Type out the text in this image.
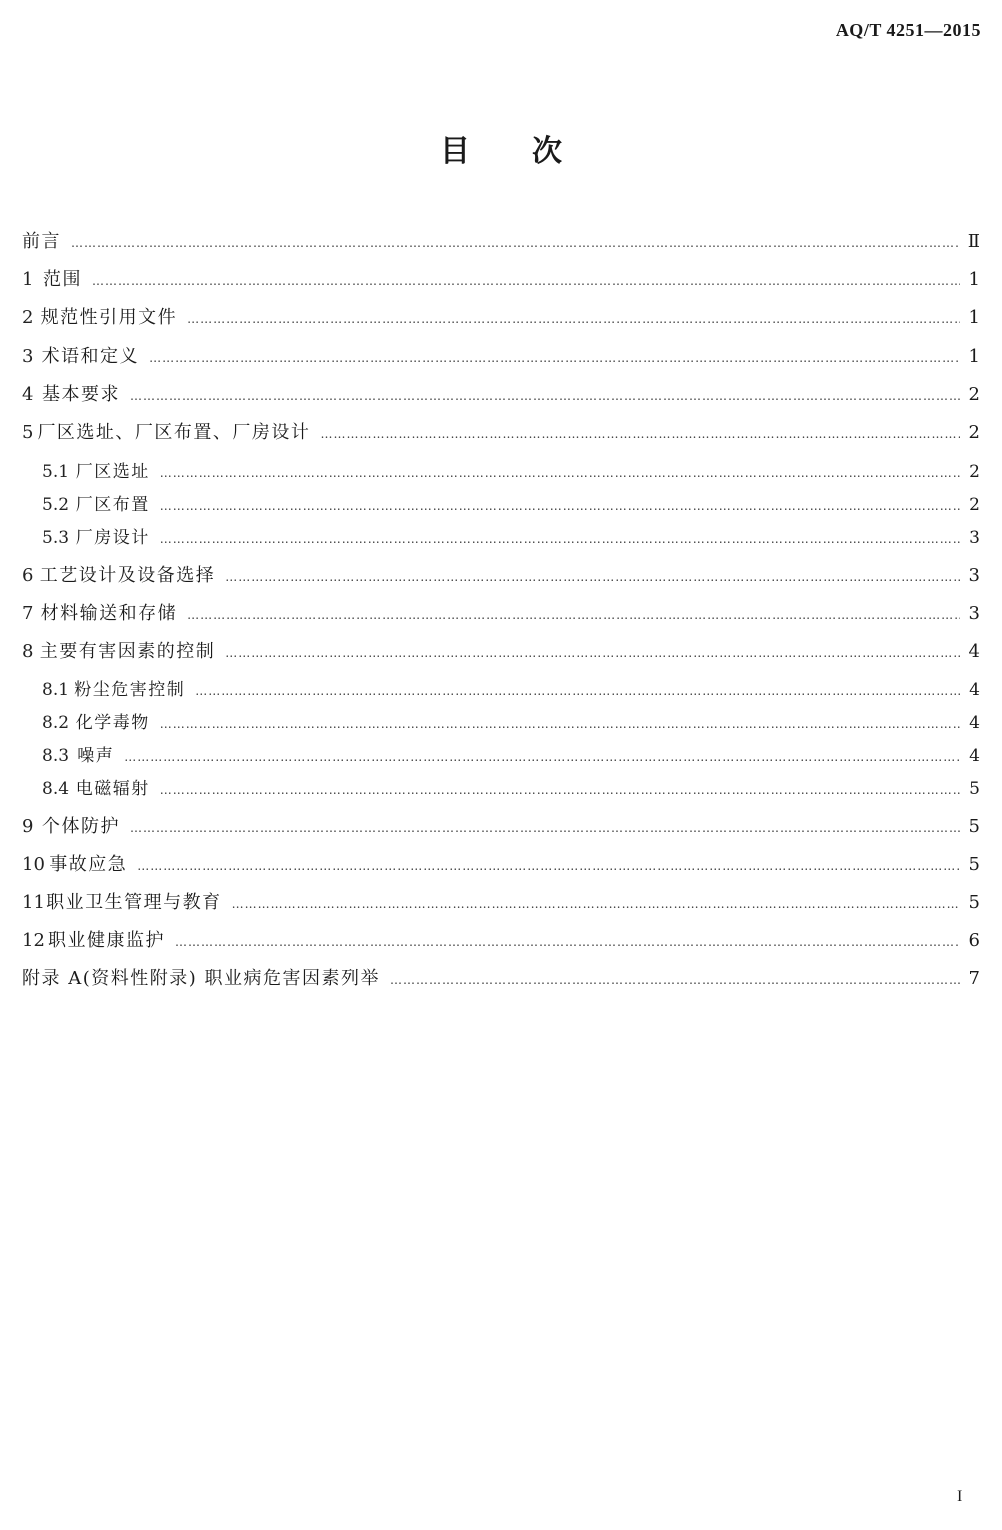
AQ/T 4251—2015
目 次
前言 ………………………………………………………………………………………………………………………………………………………………………………………………………………………………………………………………………………	Ⅱ
1 范围 ………………………………………………………………………………………………………………………………………………………………………………………………………………………………………………………………………………	1
2 规范性引用文件 ………………………………………………………………………………………………………………………………………………………………………………………………………………………………………………………………………………	1
3 术语和定义 ………………………………………………………………………………………………………………………………………………………………………………………………………………………………………………………………………………	1
4 基本要求 ………………………………………………………………………………………………………………………………………………………………………………………………………………………………………………………………………………	2
5 厂区选址、厂区布置、厂房设计 ………………………………………………………………………………………………………………………………………………………………………………………………………………………………………………………………………………	2
5.1 厂区选址 ………………………………………………………………………………………………………………………………………………………………………………………………………………………………………………………………………………	2
5.2 厂区布置 ………………………………………………………………………………………………………………………………………………………………………………………………………………………………………………………………………………	2
5.3 厂房设计 ………………………………………………………………………………………………………………………………………………………………………………………………………………………………………………………………………………	3
6 工艺设计及设备选择 ………………………………………………………………………………………………………………………………………………………………………………………………………………………………………………………………………………	3
7 材料输送和存储 ………………………………………………………………………………………………………………………………………………………………………………………………………………………………………………………………………………	3
8 主要有害因素的控制 ………………………………………………………………………………………………………………………………………………………………………………………………………………………………………………………………………………	4
8.1 粉尘危害控制 ………………………………………………………………………………………………………………………………………………………………………………………………………………………………………………………………………………	4
8.2 化学毒物 ………………………………………………………………………………………………………………………………………………………………………………………………………………………………………………………………………………	4
8.3 噪声 ………………………………………………………………………………………………………………………………………………………………………………………………………………………………………………………………………………	4
8.4 电磁辐射 ………………………………………………………………………………………………………………………………………………………………………………………………………………………………………………………………………………	5
9 个体防护 ………………………………………………………………………………………………………………………………………………………………………………………………………………………………………………………………………………	5
10 事故应急 ………………………………………………………………………………………………………………………………………………………………………………………………………………………………………………………………………………	5
11 职业卫生管理与教育 ………………………………………………………………………………………………………………………………………………………………………………………………………………………………………………………………………………	5
12 职业健康监护 ………………………………………………………………………………………………………………………………………………………………………………………………………………………………………………………………………………	6
附录 A(资料性附录) 职业病危害因素列举 ………………………………………………………………………………………………………………………………………………………………………………………………………………………………………………………………………………	7
I
